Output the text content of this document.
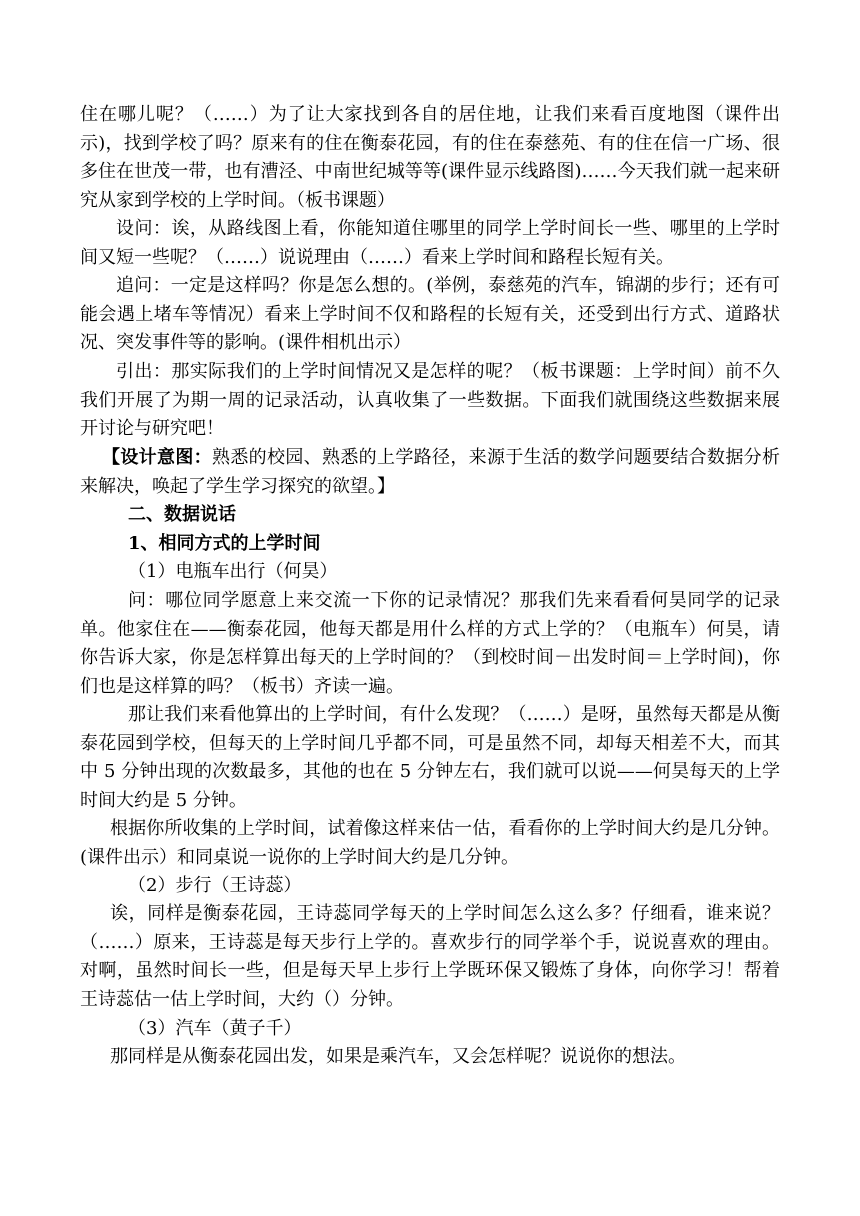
住在哪儿呢？（……）为了让大家找到各自的居住地，让我们来看百度地图（课件出示)，找到学校了吗？原来有的住在衡泰花园，有的住在泰慈苑、有的住在信一广场、很多住在世茂一带，也有漕泾、中南世纪城等等(课件显示线路图)……今天我们就一起来研究从家到学校的上学时间。（板书课题）

设问：诶，从路线图上看，你能知道住哪里的同学上学时间长一些、哪里的上学时间又短一些呢？（……）说说理由（……）看来上学时间和路程长短有关。

追问：一定是这样吗？你是怎么想的。(举例，泰慈苑的汽车，锦湖的步行；还有可能会遇上堵车等情况）看来上学时间不仅和路程的长短有关，还受到出行方式、道路状况、突发事件等的影响。(课件相机出示）

引出：那实际我们的上学时间情况又是怎样的呢？（板书课题：上学时间）前不久我们开展了为期一周的记录活动，认真收集了一些数据。下面我们就围绕这些数据来展开讨论与研究吧！

【设计意图：熟悉的校园、熟悉的上学路径，来源于生活的数学问题要结合数据分析来解决，唤起了学生学习探究的欲望。】

二、数据说话

1、相同方式的上学时间

（1）电瓶车出行（何昊）

问：哪位同学愿意上来交流一下你的记录情况？那我们先来看看何昊同学的记录单。他家住在——衡泰花园，他每天都是用什么样的方式上学的？（电瓶车）何昊，请你告诉大家，你是怎样算出每天的上学时间的？（到校时间－出发时间＝上学时间)，你们也是这样算的吗？（板书）齐读一遍。

那让我们来看他算出的上学时间，有什么发现？（……）是呀，虽然每天都是从衡泰花园到学校，但每天的上学时间几乎都不同，可是虽然不同，却每天相差不大，而其中 5 分钟出现的次数最多，其他的也在 5 分钟左右，我们就可以说——何昊每天的上学时间大约是 5 分钟。

根据你所收集的上学时间，试着像这样来估一估，看看你的上学时间大约是几分钟。(课件出示）和同桌说一说你的上学时间大约是几分钟。

（2）步行（王诗蕊）

诶，同样是衡泰花园，王诗蕊同学每天的上学时间怎么这么多？仔细看，谁来说？（……）原来，王诗蕊是每天步行上学的。喜欢步行的同学举个手，说说喜欢的理由。对啊，虽然时间长一些，但是每天早上步行上学既环保又锻炼了身体，向你学习！帮着王诗蕊估一估上学时间，大约（）分钟。

（3）汽车（黄子千）

那同样是从衡泰花园出发，如果是乘汽车，又会怎样呢？说说你的想法。
